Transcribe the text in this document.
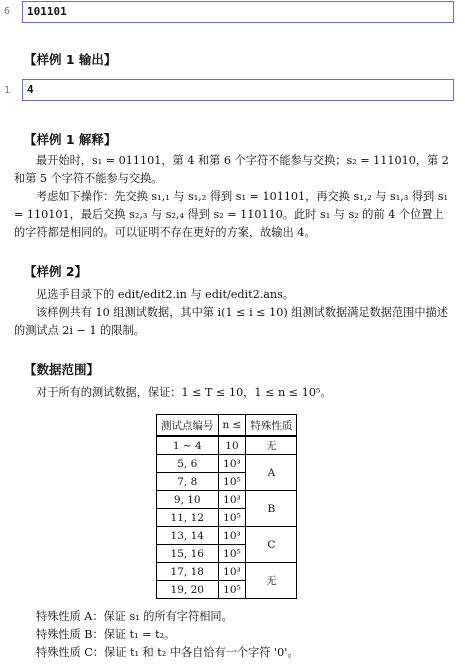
6	101101
【样例 1 输出】
1	4
【样例 1 解释】
最开始时，s₁ = 011101，第 4 和第 6 个字符不能参与交换；s₂ = 111010，第 2 和第 5 个字符不能参与交换。
考虑如下操作：先交换 s₁,₁ 与 s₁,₂ 得到 s₁ = 101101，再交换 s₁,₂ 与 s₁,₃ 得到 s₁ = 110101，最后交换 s₂,₃ 与 s₂,₄ 得到 s₂ = 110110。此时 s₁ 与 s₂ 的前 4 个位置上的字符都是相同的。可以证明不存在更好的方案，故输出 4。
【样例 2】
见选手目录下的 edit/edit2.in 与 edit/edit2.ans。
该样例共有 10 组测试数据，其中第 i(1 ≤ i ≤ 10) 组测试数据满足数据范围中描述的测试点 2i − 1 的限制。
【数据范围】
对于所有的测试数据，保证：1 ≤ T ≤ 10，1 ≤ n ≤ 10⁵。
测试点编号	n ≤	特殊性质
1 ∼ 4	10	无
5, 6	10³	A
7, 8	10⁵	
9, 10	10³	B
11, 12	10⁵	
13, 14	10³	C
15, 16	10⁵	
17, 18	10³	无
19, 20	10⁵	
特殊性质 A：保证 s₁ 的所有字符相同。
特殊性质 B：保证 t₁ = t₂。
特殊性质 C：保证 t₁ 和 t₂ 中各自恰有一个字符 '0'。
